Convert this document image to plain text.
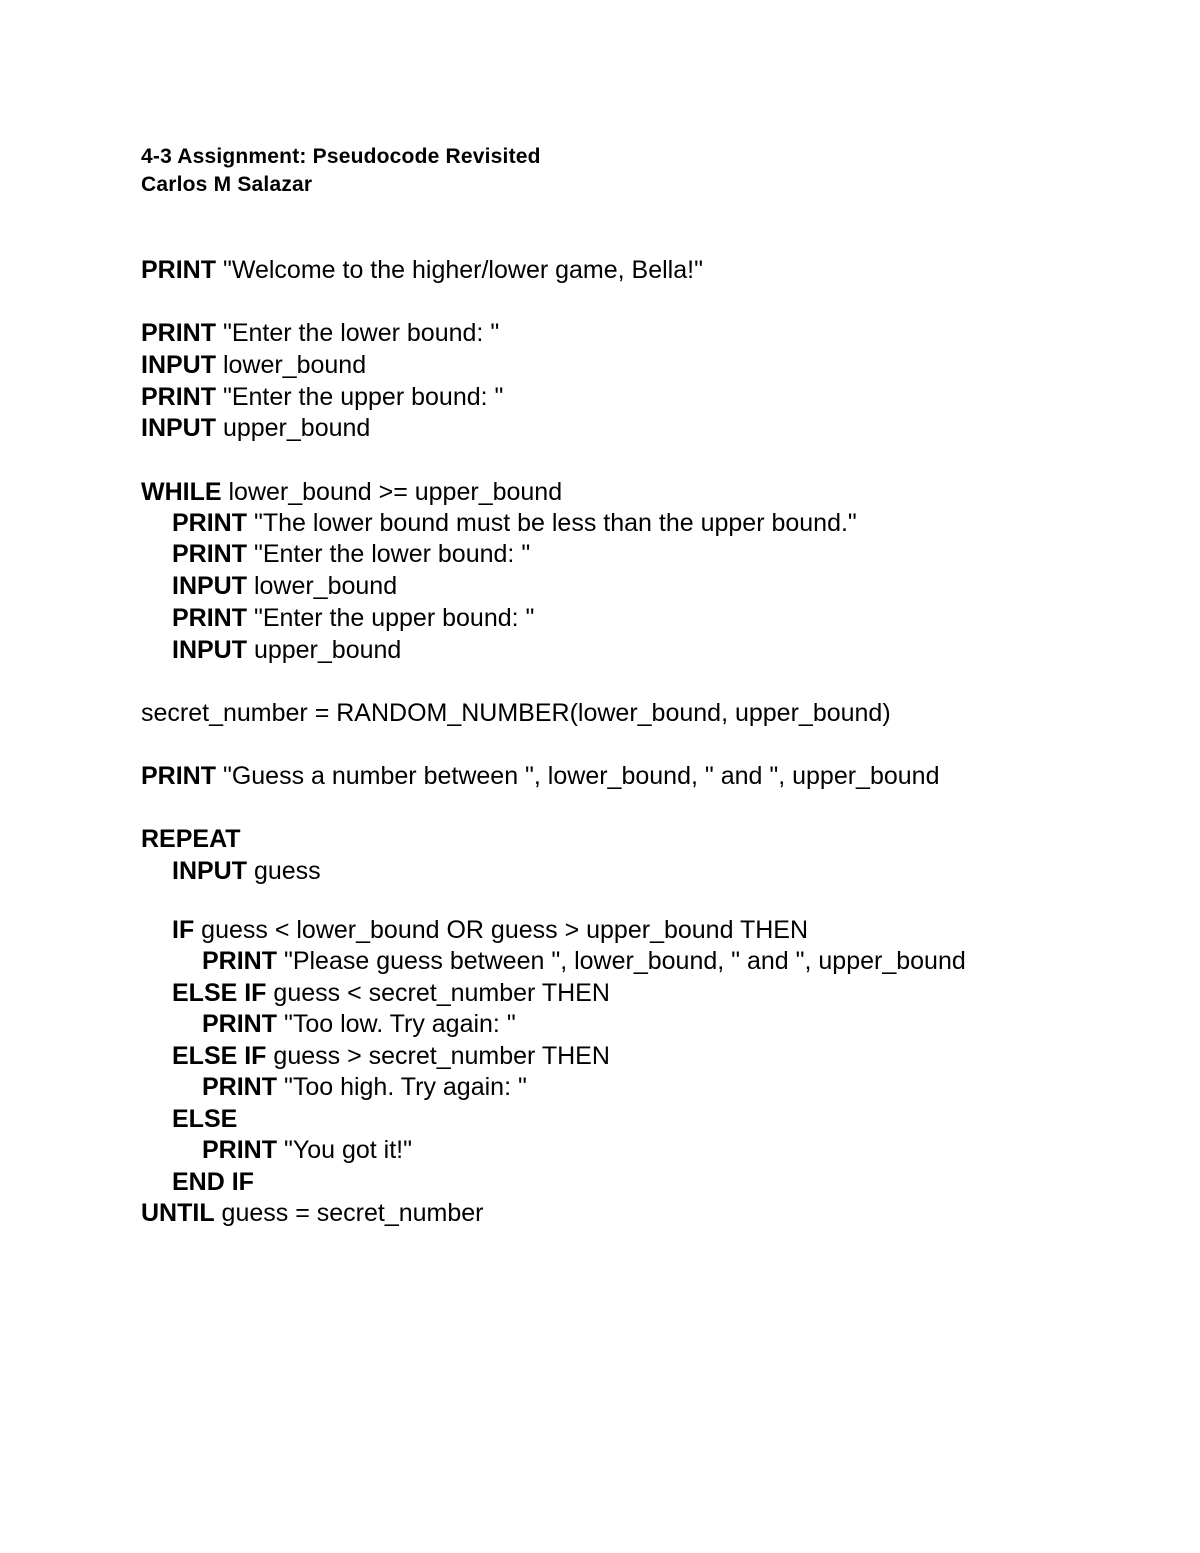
4-3 Assignment: Pseudocode Revisited
Carlos M Salazar
PRINT "Welcome to the higher/lower game, Bella!"
PRINT "Enter the lower bound: "
INPUT lower_bound
PRINT "Enter the upper bound: "
INPUT upper_bound
WHILE lower_bound >= upper_bound
PRINT "The lower bound must be less than the upper bound."
PRINT "Enter the lower bound: "
INPUT lower_bound
PRINT "Enter the upper bound: "
INPUT upper_bound
secret_number = RANDOM_NUMBER(lower_bound, upper_bound)
PRINT "Guess a number between ", lower_bound, " and ", upper_bound
REPEAT
INPUT guess
IF guess < lower_bound OR guess > upper_bound THEN
PRINT "Please guess between ", lower_bound, " and ", upper_bound
ELSE IF guess < secret_number THEN
PRINT "Too low. Try again: "
ELSE IF guess > secret_number THEN
PRINT "Too high. Try again: "
ELSE
PRINT "You got it!"
END IF
UNTIL guess = secret_number
